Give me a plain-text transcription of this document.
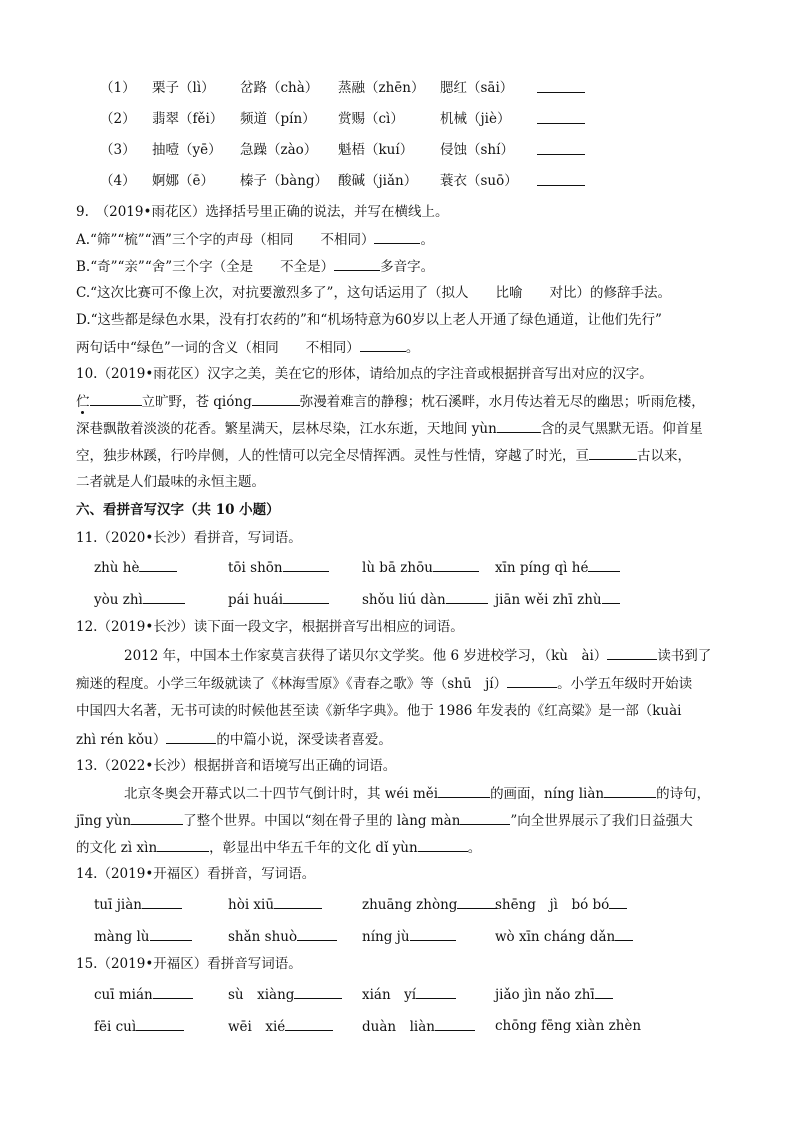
（1） 栗子（lì） 岔路（chà） 蒸融（zhēn） 腮红（sāi）
（2） 翡翠（fěi） 频道（pín） 赏赐（cì）	机械（jiè）
（3） 抽噎（yē） 急躁（zào） 魁梧（kuí） 侵蚀（shí）
（4） 婀娜（ē） 榛子（bàng） 酸碱（jiǎn） 蓑衣（suō）
9.　（2019•雨花区）选择括号里正确的说法，并写在横线上。
A.“筛”“梳”“酒”三个字的声母（相同　　不相同）	。
B.“奇”“亲”“舍”三个字（全是　　不全是）	多音字。
C.“这次比赛可不像上次，对抗要激烈多了”，这句话运用了（拟人　　比喻　　对比）的修辞手法。
D.“这些都是绿色水果，没有打农药的”和“机场特意为60岁以上老人开通了绿色通道，让他们先行”
两句话中“绿色”一词的含义（相同　　不相同）	。
10.（2019•雨花区）汉字之美，美在它的形体，请给加点的字注音或根据拼音写出对应的汉字。
伫	立旷野，苍 qióng	弥漫着难言的静穆；枕石溪畔，水月传达着无尽的幽思；听雨危楼，
深巷飘散着淡淡的花香。繁星满天，层林尽染，江水东逝，天地间 yùn	含的灵气黑默无语。仰首星
空，独步林蹊，行吟岸侧，人的性情可以完全尽情挥洒。灵性与性情，穿越了时光，亘	古以来，
二者就是人们最味的永恒主题。
六、看拼音写汉字（共 10 小题）
11.（2020•长沙）看拼音，写词语。
zhù hè	tōi shōn	lù bā zhōu	xīn píng qì hé
yòu zhì	pái huái	shǒu liú dàn	jiān wěi zhī zhù
12.（2019•长沙）读下面一段文字，根据拼音写出相应的词语。
2012 年，中国本土作家莫言获得了诺贝尔文学奖。他 6 岁进校学习，（kù　ài）	读书到了
痴迷的程度。小学三年级就读了《林海雪原》《青春之歌》等（shū　jí）	。小学五年级时开始读
中国四大名著，无书可读的时候他甚至读《新华字典》。他于 1986 年发表的《红高粱》是一部（kuài
zhì rén kǒu）	的中篇小说，深受读者喜爱。
13.（2022•长沙）根据拼音和语境写出正确的词语。
北京冬奥会开幕式以二十四节气倒计时，其 wéi měi	的画面，níng liàn	的诗句，
jīng yùn	了整个世界。中国以“刻在骨子里的 làng màn	”向全世界展示了我们日益强大
的文化 zì xìn	，彰显出中华五千年的文化 dǐ yùn	。
14.（2019•开福区）看拼音，写词语。
tuī jiàn	hòi xiū	zhuāng zhòng	shēng　jì　bó bó
màng lù	shǎn shuò	níng jù	wò xīn cháng dǎn
15.（2019•开福区）看拼音写词语。
cuī mián	sù　xiàng	xián　yí	jiǎo jìn nǎo zhī
fēi cuì	wēi　xié	duàn　liàn	chōng fēng xiàn zhèn
